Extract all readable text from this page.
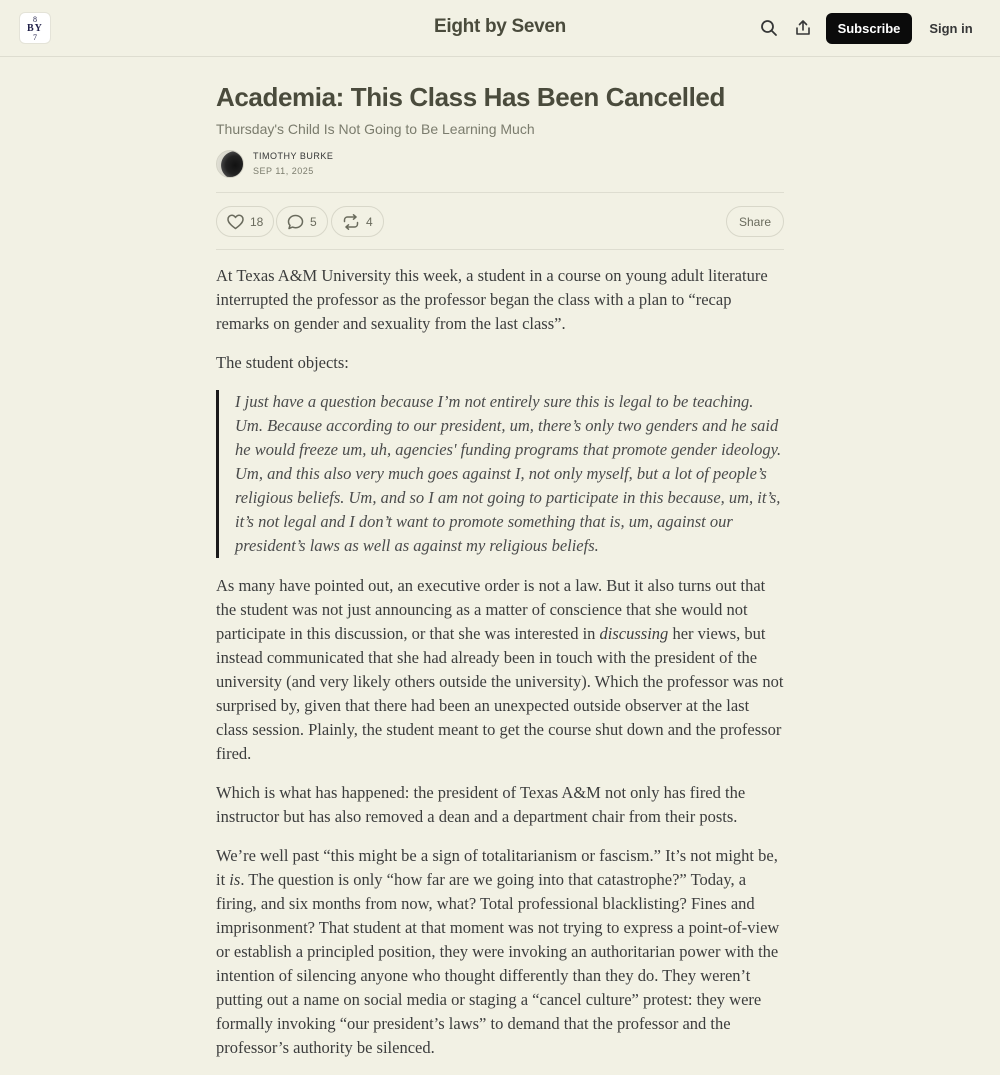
8
BY
7
Eight by Seven	Subscribe	Sign in
Academia: This Class Has Been Cancelled
Thursday's Child Is Not Going to Be Learning Much
TIMOTHY BURKE
SEP 11, 2025
18	5	4	Share

At Texas A&M University this week, a student in a course on young adult literature interrupted the professor as the professor began the class with a plan to “recap remarks on gender and sexuality from the last class”.

The student objects:

I just have a question because I’m not entirely sure this is legal to be teaching. Um. Because according to our president, um, there’s only two genders and he said he would freeze um, uh, agencies' funding programs that promote gender ideology. Um, and this also very much goes against I, not only myself, but a lot of people’s religious beliefs. Um, and so I am not going to participate in this because, um, it’s, it’s not legal and I don’t want to promote something that is, um, against our president’s laws as well as against my religious beliefs.

As many have pointed out, an executive order is not a law. But it also turns out that the student was not just announcing as a matter of conscience that she would not participate in this discussion, or that she was interested in discussing her views, but instead communicated that she had already been in touch with the president of the university (and very likely others outside the university). Which the professor was not surprised by, given that there had been an unexpected outside observer at the last class session. Plainly, the student meant to get the course shut down and the professor fired.

Which is what has happened: the president of Texas A&M not only has fired the instructor but has also removed a dean and a department chair from their posts.

We’re well past “this might be a sign of totalitarianism or fascism.” It’s not might be, it is. The question is only “how far are we going into that catastrophe?” Today, a firing, and six months from now, what? Total professional blacklisting? Fines and imprisonment? That student at that moment was not trying to express a point-of-view or establish a principled position, they were invoking an authoritarian power with the intention of silencing anyone who thought differently than they do. They weren’t putting out a name on social media or staging a “cancel culture” protest: they were formally invoking “our president’s laws” to demand that the professor and the professor’s authority be silenced.
